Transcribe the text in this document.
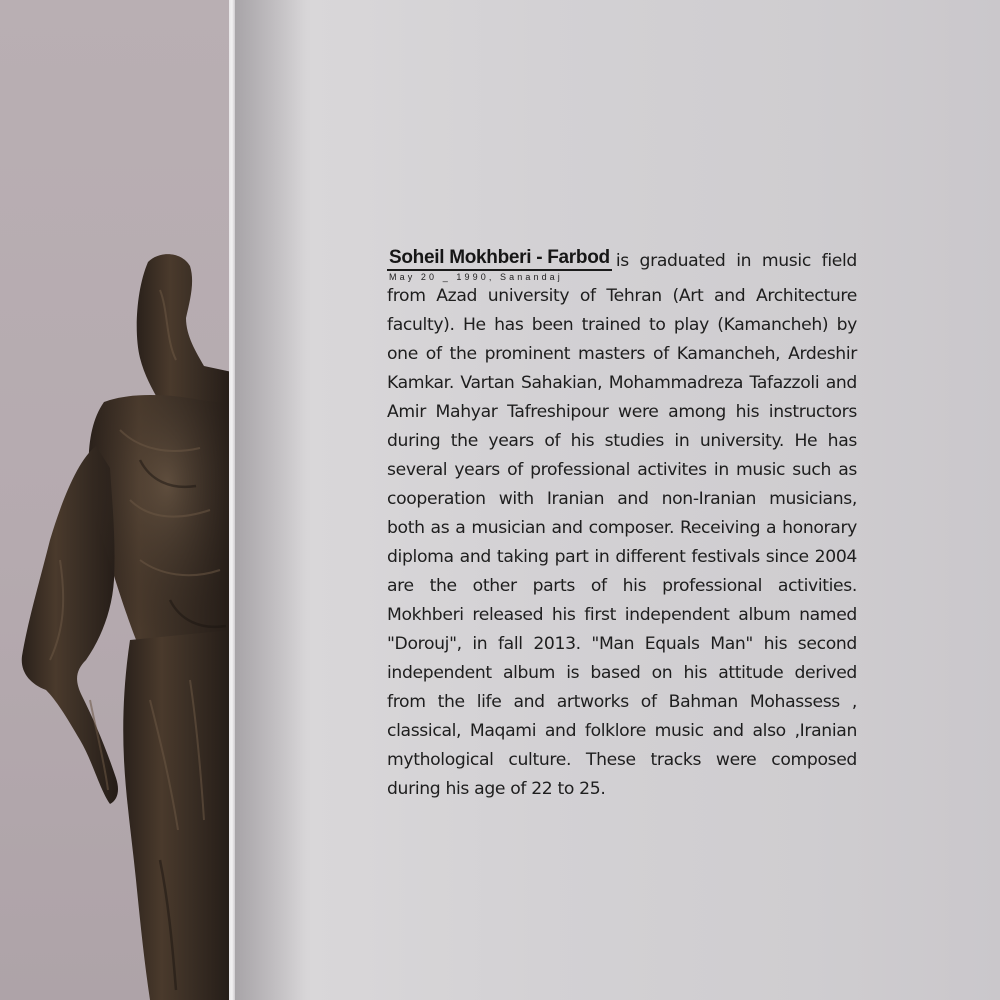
Soheil Mokhberi - Farbod
May 20 _ 1990, Sanandaj
is graduated in music field from Azad university of Tehran (Art and Architecture faculty). He has been trained to play (Kamancheh) by one of the prominent masters of Kamancheh, Ardeshir Kamkar. Vartan Sahakian, Mohammadreza Tafazzoli and Amir Mahyar Tafreshipour were among his instructors during the years of his studies in university. He has several years of professional activites in music such as cooperation with Iranian and non-Iranian musicians, both as a musician and composer. Receiving a honorary diploma and taking part in different festivals since 2004 are the other parts of his professional activities. Mokhberi released his first independent album named "Dorouj", in fall 2013. "Man Equals Man" his second independent album is based on his attitude derived from the life and artworks of Bahman Mohassess , classical, Maqami and folklore music and also ,Iranian mythological culture. These tracks were composed during his age of 22 to 25.
